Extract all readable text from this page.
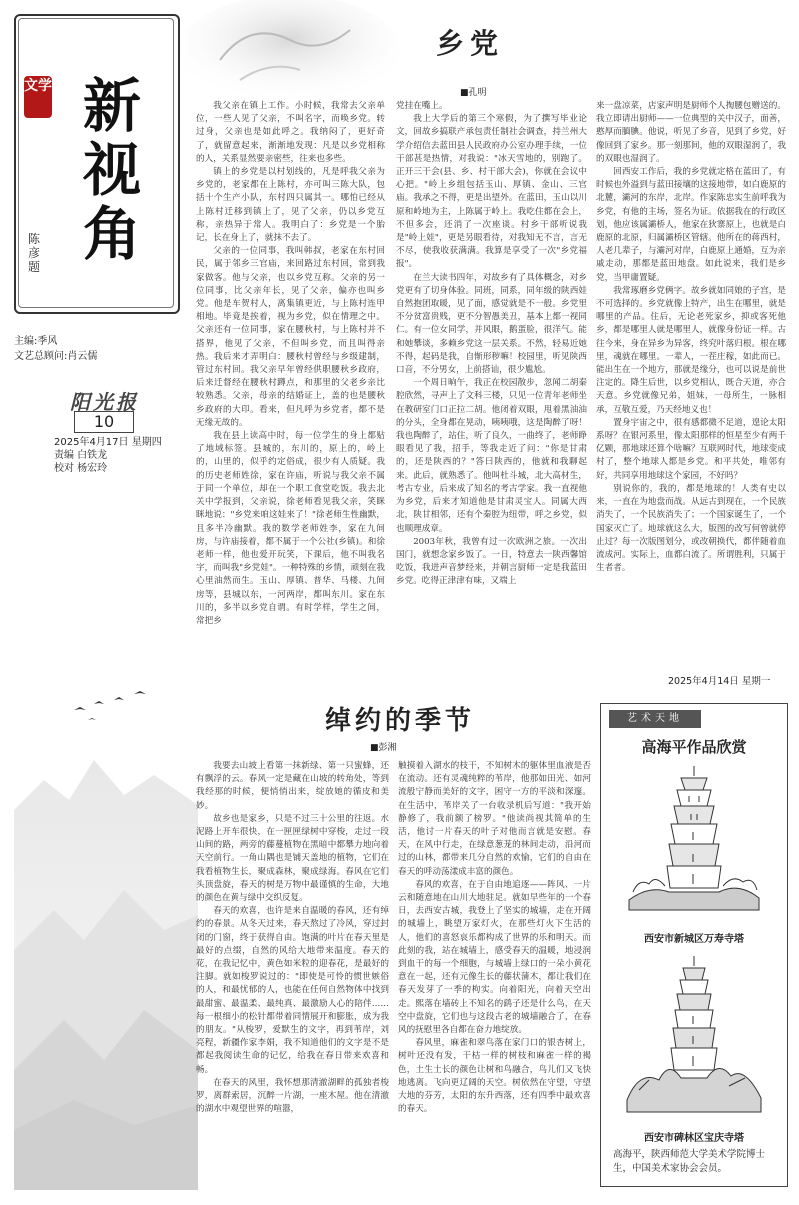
文学 新视角
陈彦题
主编:季风
文艺总顾问:肖云儒
阳光报
10
2025年4月17日 星期四
责编 白铁龙
校对 杨宏玲
乡党
■孔明

我父亲在镇上工作。小时候，我常去父亲单位，一些人见了父亲，不叫名字，而唤乡党。转过身，父亲也是如此呼之。我纳闷了，更好奇了，就留意起来，渐渐地发现：凡是以乡党相称的人，关系显然要亲密些，往来也多些。

镇上的乡党是以村划线的，凡是呼我父亲为乡党的，老家都在上陈村，亦可叫三陈大队，包括十个生产小队，东村四只属其一。哪怕已经从上陈村迁移到镇上了，见了父亲，仍以乡党互称，亲热异于常人。我明白了：乡党是一个胎记，长在身上了，就抹不去了。

父亲的一位同事，我叫韩叔，老家在东村回民，属于邻乡三官庙，来回路过东村回，常到我家做客。他与父亲，也以乡党互称。父亲的另一位同事，比父亲年长，见了父亲，偏亦也叫乡党。他是车贺村人，离集镇更近，与上陈村连甲相地。毕竟是挨着，视为乡党，似在情理之中。父亲还有一位同事，家在腰秋村，与上陈村并不搭界，他见了父亲，不但叫乡党，而且叫得亲热。我后来才弄明白：腰秋村曾经与乡级建制，管过东村回。我父亲早年曾经供职腰秋乡政府，后来迁督经在腰秋村蹲点，和那里的父老乡亲比较熟悉。父亲，母亲的结婚证上，盖的也是腰秋乡政府的大印。看来，但凡呼为乡党者，都不是无缘无故的。

我在县上读高中时，每一位学生的身上都贴了地域标签。县城的，东川的，原上的，岭上的，山里的，似乎约定俗成，很少有人质疑。我的历史老师姓徐，家在许庙，听说与我父亲不属于同一个单位，却在一个职工食堂吃饭。我去北关中学报到，父亲说，徐老师看见我父亲，笑眯眯地说："乡党来咱这娃来了！"徐老师生性幽默，且多半冷幽默。我的数学老师姓李，家在九间房，与许庙接着，都不属于一个公社(乡镇)。和徐老师一样，他也爱开玩笑，下课后，他不叫我名字，而叫我"乡党娃"。一种特殊的乡情，顽刻在我心里油然而生。玉山、厚镇、普华、马楼、九间房等，县城以东，一河两岸，都叫东川。家在东川的，多半以乡党自谓。有时学样，学生之间，常把乡

党挂在嘴上。

我上大学后的第三个寒假，为了撰写毕业论文，回故乡搞联产承包责任制社会调查，持兰州大学介绍信去蓝田县人民政府办公室办理手续，一位干部甚是热情，对我说："冰天雪地的，别跑了。正开三干会(县、乡、村干部大会)，你就在会议中心把。"岭上乡组包括玉山、厚镇、金山、三官庙。我承之不得，更是出望外。在蓝田，玉山以川原和岭地为主，上陈属于岭上。我吃住都在会上，不但多会，还消了一次座谈。村乡干部听说我是"岭上娃"，更是另眼看待，对我知无不言，言无不尽，使我收获满满。我算是享受了一次"乡党福报"。

在兰大读书四年，对故乡有了具体概念，对乡党更有了切身体验。同班，同系，同年级的陕西娃自然抱团取暖，见了面，感觉就是不一般。乡党里不分贫富贵贱，更不分智愚美丑，基本上都一视同仁。有一位女同学，并风眼，鹅蛋脸，很洋气。能和她攀谈，多赖乡党这一层关系。不然，轻易近她不得，起码是我，自惭形秽嘛！校园里，听见陕西口音，不分男女，上前搭讪，很少尴尬。

一个周日晌午，我正在校园散步，忽闻二胡秦腔欣然，寻声上了文科三楼，只见一位青年老师坐在教研室门口正拉二胡。他闭着双眼，甩着黑油油的分头，全身都在晃动，咦咦哦，这是陶醉了呀！我也陶醉了，站住，听了良久，一曲终了，老师睁眼看见了我，招手，等我走近了问："你是甘肃的，还是陕西的？"答曰陕西的，他就和我聊起来。此后，就熟悉了。他叫杜斗城，北大高材生，考古专业，后来成了知名的考古学家。我一直视他为乡党，后来才知道他是甘肃灵宝人。同属大西北，陕甘相邻，还有个秦腔为纽带，呼之乡党，似也顺理成章。

2003年秋，我曾有过一次欧洲之旅。一次出国门，就想念家乡饭了。一日，特意去一陕西馨馆吃饭，我进声音梦经来，并朝言厨师一定是我蓝田乡党。吃得正津津有味，又端上

来一盘凉菜，店家声明是厨师个人掏腰包赠送的。我立即请出厨师——一位典型的关中汉子，面善，憨厚而腼腆。他说，听见了乡音，见到了乡党，好像回到了家乡。那一刻那间，他的双眼湿润了，我的双眼也湿润了。

回西安工作后，我的乡党就定格在蓝田了，有时候也外溢到与蓝田接壤的这接地带，如白鹿原的北麓，灞河的东岸，北岸。作家陈忠实生前呼我为乡党，有他的主场，签名为证。依据我在的行政区划，他应该属灞桥人，他家在狄寨原上，也就是白鹿原的北原，归属灞桥区管辖。他所在的蒋西村，人老几辈子，与灞河对岸，白鹿原上通婚，互为亲戚走动，那都是蓝田地盘。如此说来，我们是乡党，当甲庸置疑。

我常琢磨乡党俩字。故乡就如同娘的子宫，是不可选择的。乡党就像上特产，出生在哪里，就是哪里的产品。住后，无论老死家乡，抑或客死他乡，都是哪里人就是哪里人，就像身份证一样。古往今来，身在异乡为异客，终究叶落归根。根在哪里，魂就在哪里。一辈人，一茬庄稼，如此而已。能出生在一个地方，那就是缘分，也可以说是前世注定的。降生后世，以乡党相认，既合天道，亦合天意。乡党就像兄弟，姐妹，一母所生，一脉相承，互敬互爱，乃天经地义也！

置身宇宙之中，很有感都微不足道，遑论太阳系呀？在银河系里，像太阳那样的恒星至少有两千亿颗，那地球还算个啥嘛？互联网时代，地球变成村了，整个地球人都是乡党。和平共处，唯邻有好，共同享用地球这个家园，不好吗？

别说你的，我的，都是地球的！人类有史以来，一直在为地盘而战。从远古到现在，一个民族消失了，一个民族消失了；一个国家诞生了，一个国家灭亡了。地球就这么大，版图的改写何曾就停止过？每一次版图划分，或改朝换代，都伴随着血流成河。实际上，血都白流了。所谓胜利，只属于生者者。

2025年4月14日 星期一
绰约的季节
■彭湘

我要去山坡上看第一抹新绿、第一只蜜蜂，还有飘浮的云。春风一定是藏在山坡的转角处，等到我经那的时候，便悄悄出来，绽放她的循皮和美妙。

故乡也是家乡，只是不过三十公里的往返。水泥路上开车很快，在一匣匣绿树中穿梭，走过一段山间的路，两旁的藤蔓植物在黑暗中都攀力地向着天空前行。一角山隅也是铺天盖地的植物，它们在我看植物生长，聚成森林，聚成绿海。春风在它们头顶盘旋，春天的树是万物中最谨慎的生命，大地的颜色在黄与绿中交织反复。

春天的欢喜，也许是来自温暖的春风，还有绰约的春景。从冬天过来，春天熬过了冷风，穿过封闭的门窗，终于获得自由。饱满的叶片在春天里是最好的点缀，自然的风给大地带来温度。春天的花，在我记忆中，黄色如米粒的迎春花，是最好的注脚。就如梭罗说过的："即使是可怜的惯世嫉俗的人，和最忧郁的人，也能在任何自然物体中找到最甜蜜、最温柔、最纯真、最激励人心的陪伴……每一根细小的松针都带着同情展开和膨胀，成为我的朋友。"从梭罗，爱默生的文字，再到苇岸，刘亮程，新疆作家李娟，我不知道他们的文字是不是都起我阅读生命的记忆，给我在春日带来欢喜和畅。

在春天的风里，我怀想那清澈湖畔的孤独者梭罗，离群索居，沉醉一片湖，一座木屋。他在清澈的湖水中观望世界的喧嚣，

触摸着入湖水的枝干，不知树木的躯体里血液是否在流动。还有灵魂纯粹的苇岸，他那如田光、如河流般宁静而美好的文字，困守一方的平淡和深邃。在生活中，苇岸关了一台收录机后写道："我开始静修了，我前额了榜罗。"他读尚视其简单的生活，他讨一片春天的叶子对他而言就是安慰。春天，在风中行走，在绿意葱茏的林间走动，沿河而过的山林，都带来几分自然的欢愉，它们的自由在春天的呼动荡漾成丰富的颜色。

春风的欢喜，在于自由地追逐——阵风、一片云和随意地在山川大地驻足。就如早些年的一个春日，去西安古城，我登上了坚实的城墙，走在开阔的城墙上，眺望万家灯火，在那些灯火下生活的人，他们的喜怒哀乐都构成了世界的乐和明天。而此刻的我，站在城墙上，感受春天的温暖，地浸润到血干的每一个细胞，与城墙上绿口的一朵小黄花意在一起，还有元像生长的藤状蒲木，都让我们在春天发芽了一季的枸实。向着阳光，向着天空出走。熙落在墙砖上不知名的鹞子还是什么鸟，在天空中盘旋，它们也与这段古老的城墙融合了，在春风的抚慰里各自都在奋力地绽放。

春风里，麻雀和翠鸟落在家门口的银杏树上，树叶还没有发，干枯一样的树枝和麻雀一样的褐色，土生土长的颜色让树和鸟融合，鸟儿们又飞快地逃离。飞向更辽阔的天空。树依然在守望，守望大地的芬芳，太阳的东升西落，还有四季中最欢喜的春天。

艺术天地
高海平作品欣赏
西安市新城区万寿寺塔
西安市碑林区宝庆寺塔
高海平，陕西师范大学美术学院博士生，中国美术家协会会员。
